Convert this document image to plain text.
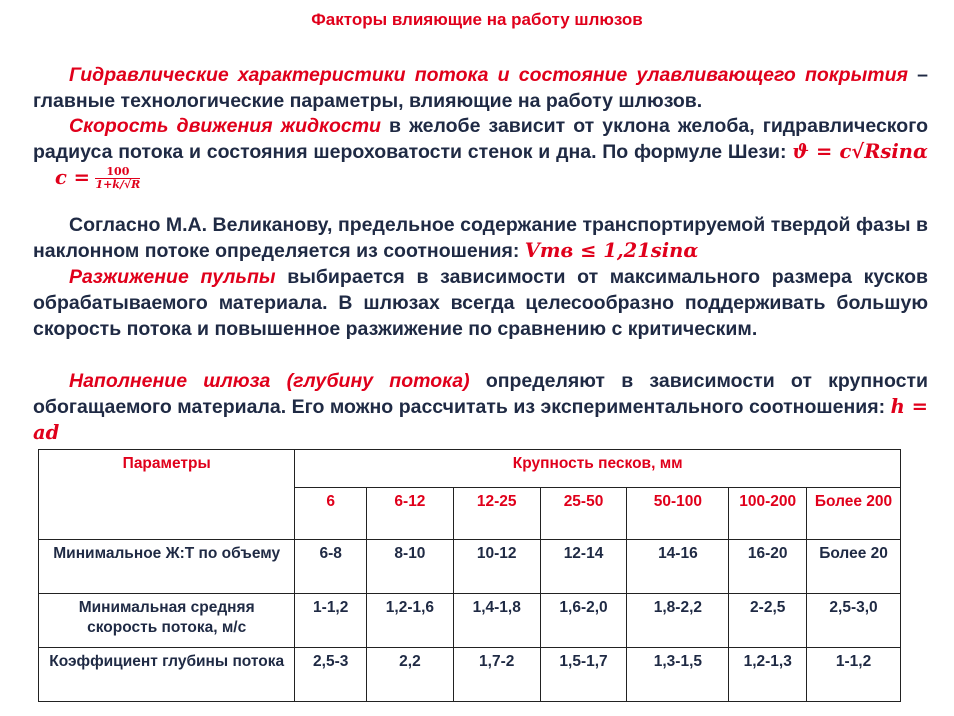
Факторы влияющие на работу шлюзов
Гидравлические характеристики потока и состояние улавливающего покрытия – главные технологические параметры, влияющие на работу шлюзов.
Скорость движения жидкости в желобе зависит от уклона желоба, гидравлического радиуса потока и состояния шероховатости стенок и дна. По формуле Шези: ϑ = c√Rsinα $c = \frac{100}{1+k/√R}$
Согласно М.А. Великанову, предельное содержание транспортируемой твердой фазы в наклонном потоке определяется из соотношения: Vтв ≤ 1,21sinα
Разжижение пульпы выбирается в зависимости от максимального размера кусков обрабатываемого материала. В шлюзах всегда целесообразно поддерживать большую скорость потока и повышенное разжижение по сравнению с критическим.
Наполнение шлюза (глубину потока) определяют в зависимости от крупности обогащаемого материала. Его можно рассчитать из экспериментального соотношения: h = ad
Параметры	Крупность песков, мм						
	6	6-12	12-25	25-50	50-100	100-200	Более 200
Минимальное Ж:Т по объему	6-8	8-10	10-12	12-14	14-16	16-20	Более 20
Минимальная средняя скорость потока, м/с	1-1,2	1,2-1,6	1,4-1,8	1,6-2,0	1,8-2,2	2-2,5	2,5-3,0
Коэффициент глубины потока	2,5-3	2,2	1,7-2	1,5-1,7	1,3-1,5	1,2-1,3	1-1,2
